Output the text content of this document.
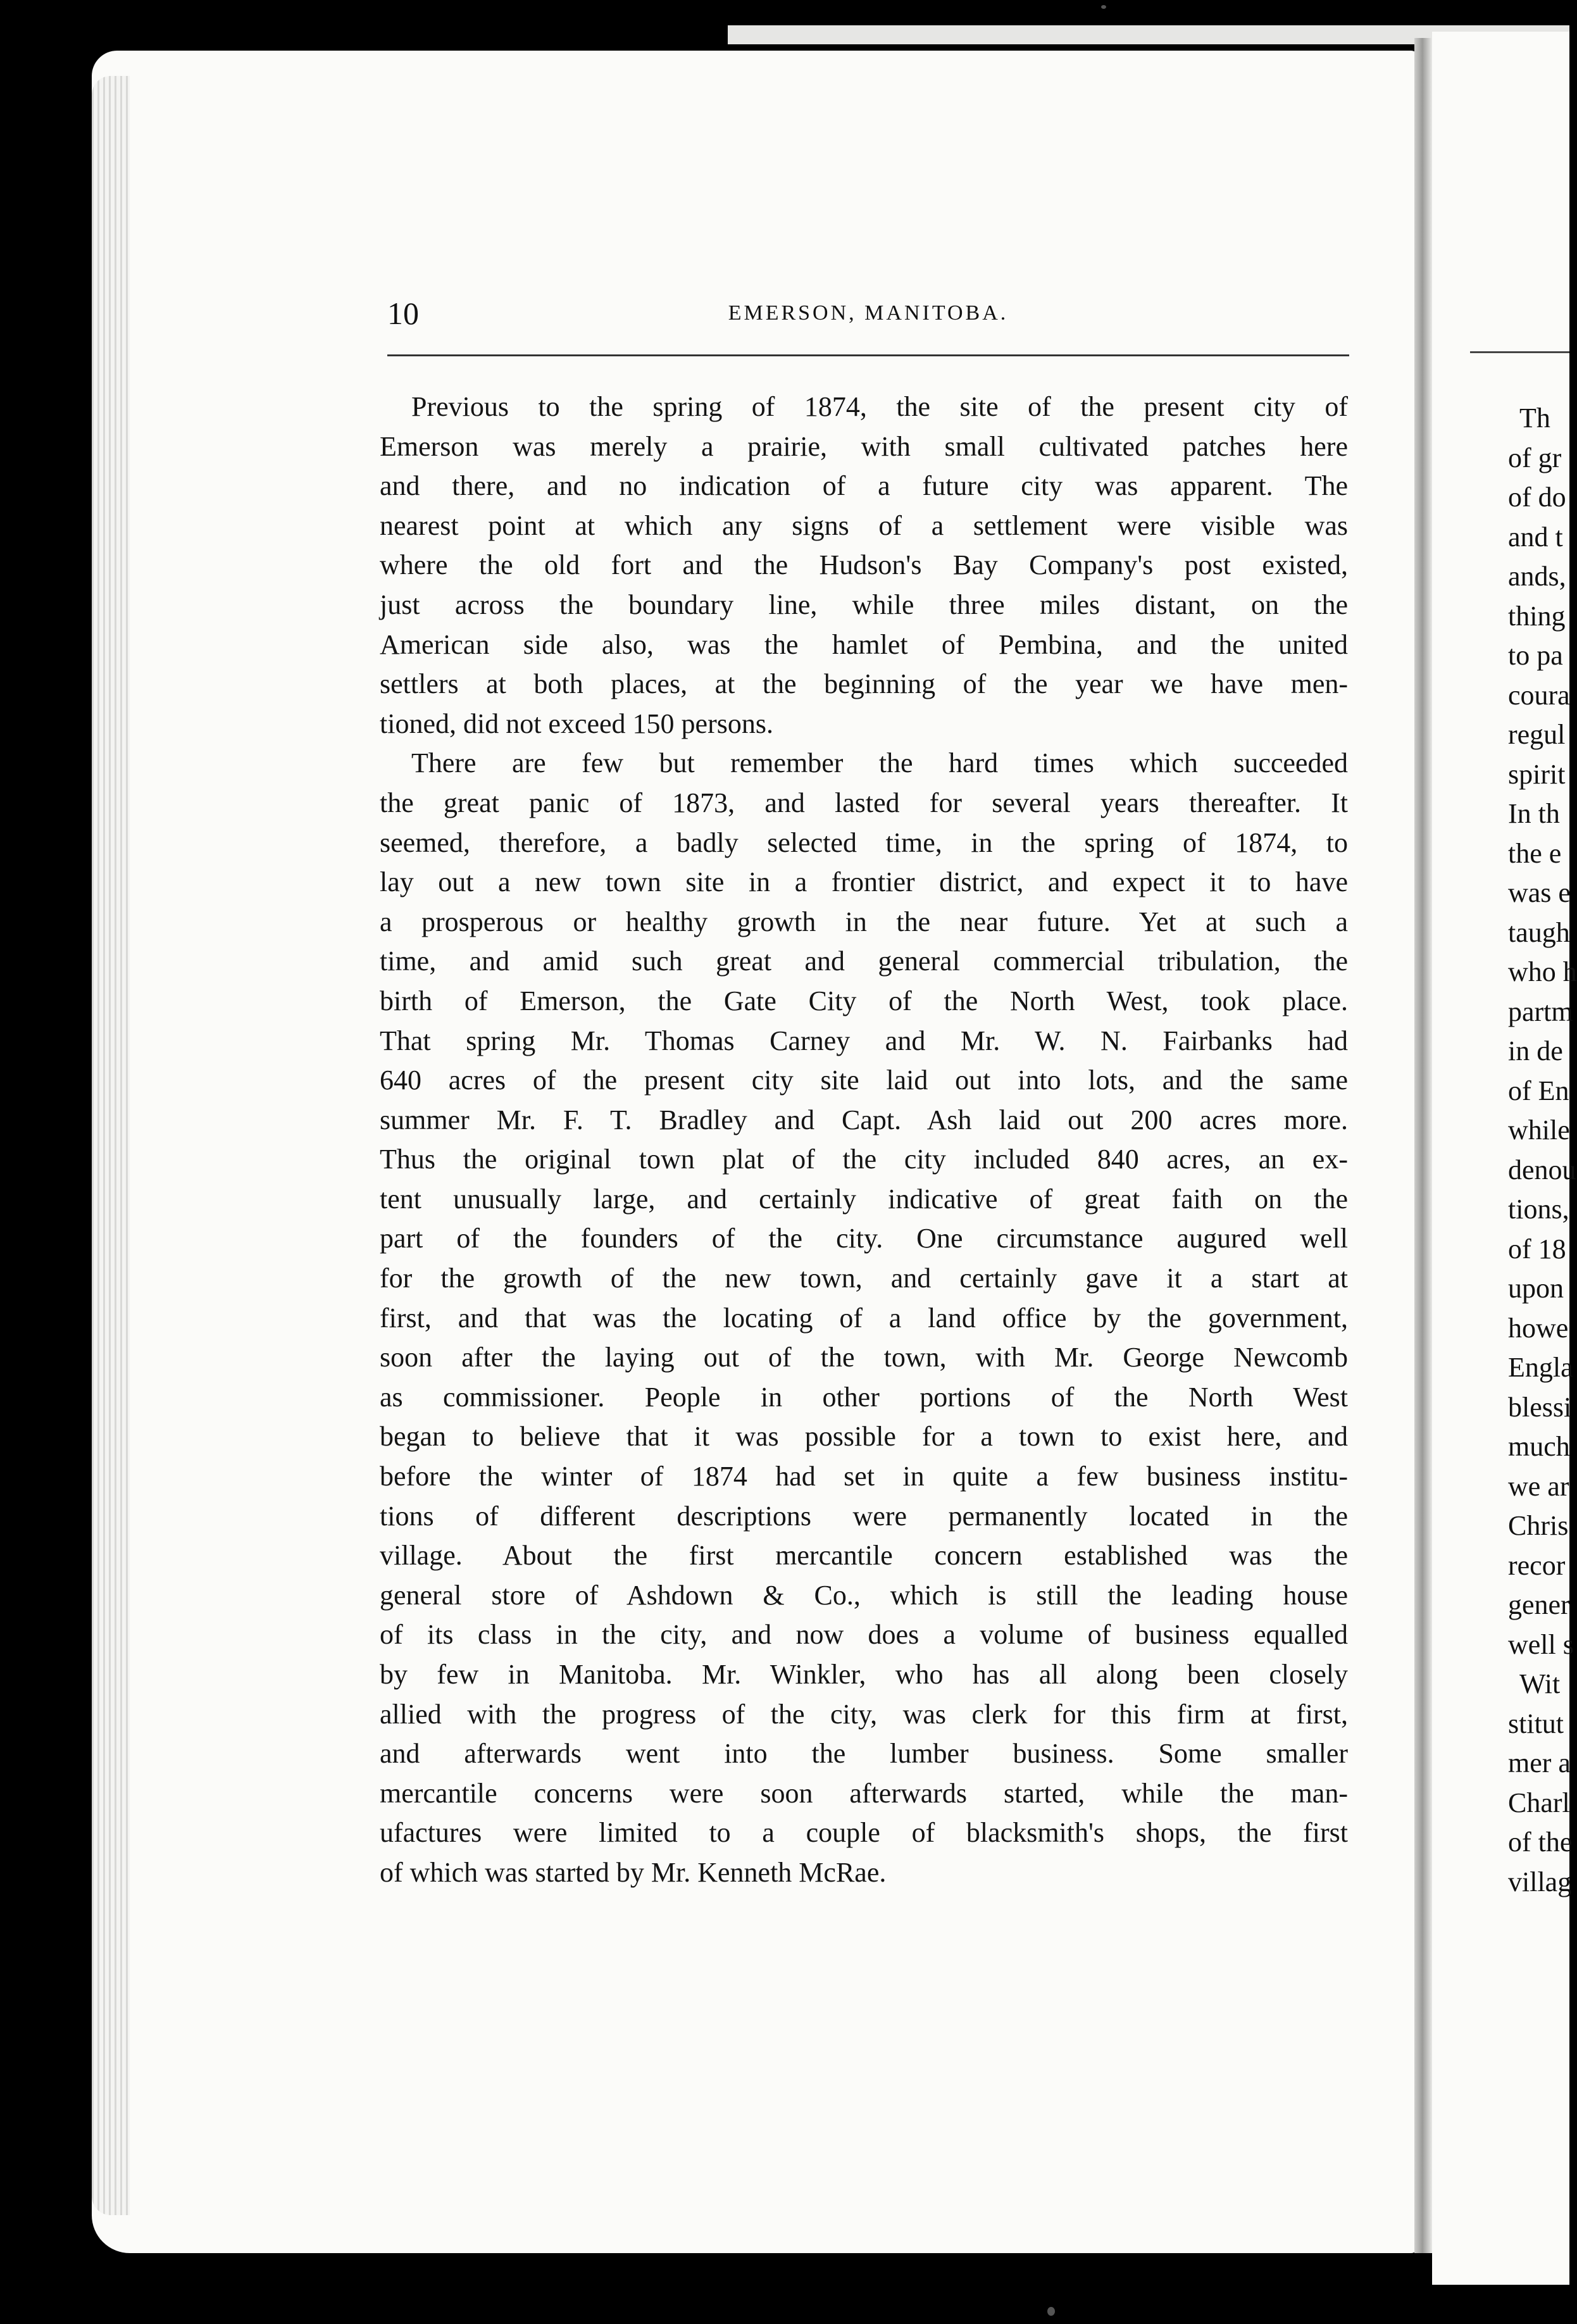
Th
of gr
of do
and t
ands,
thing
to pa
coura
regul
spirit
In th
the e
was e
taugh
who h
partm
in de
of En
while
denou
tions,
of 18
upon
howe
Engla
blessi
much
we ar
Chris
recor
gener
well s
Wit
stitut
mer a
Charl
of the
villag
10	EMERSON, MANITOBA.
Previous to the spring of 1874, the site of the present city of
Emerson was merely a prairie, with small cultivated patches here
and there, and no indication of a future city was apparent. The
nearest point at which any signs of a settlement were visible was
where the old fort and the Hudson's Bay Company's post existed,
just across the boundary line, while three miles distant, on the
American side also, was the hamlet of Pembina, and the united
settlers at both places, at the beginning of the year we have men-
tioned, did not exceed 150 persons.
There are few but remember the hard times which succeeded
the great panic of 1873, and lasted for several years thereafter. It
seemed, therefore, a badly selected time, in the spring of 1874, to
lay out a new town site in a frontier district, and expect it to have
a prosperous or healthy growth in the near future. Yet at such a
time, and amid such great and general commercial tribulation, the
birth of Emerson, the Gate City of the North West, took place.
That spring Mr. Thomas Carney and Mr. W. N. Fairbanks had
640 acres of the present city site laid out into lots, and the same
summer Mr. F. T. Bradley and Capt. Ash laid out 200 acres more.
Thus the original town plat of the city included 840 acres, an ex-
tent unusually large, and certainly indicative of great faith on the
part of the founders of the city. One circumstance augured well
for the growth of the new town, and certainly gave it a start at
first, and that was the locating of a land office by the government,
soon after the laying out of the town, with Mr. George Newcomb
as commissioner. People in other portions of the North West
began to believe that it was possible for a town to exist here, and
before the winter of 1874 had set in quite a few business institu-
tions of different descriptions were permanently located in the
village. About the first mercantile concern established was the
general store of Ashdown & Co., which is still the leading house
of its class in the city, and now does a volume of business equalled
by few in Manitoba. Mr. Winkler, who has all along been closely
allied with the progress of the city, was clerk for this firm at first,
and afterwards went into the lumber business. Some smaller
mercantile concerns were soon afterwards started, while the man-
ufactures were limited to a couple of blacksmith's shops, the first
of which was started by Mr. Kenneth McRae.
